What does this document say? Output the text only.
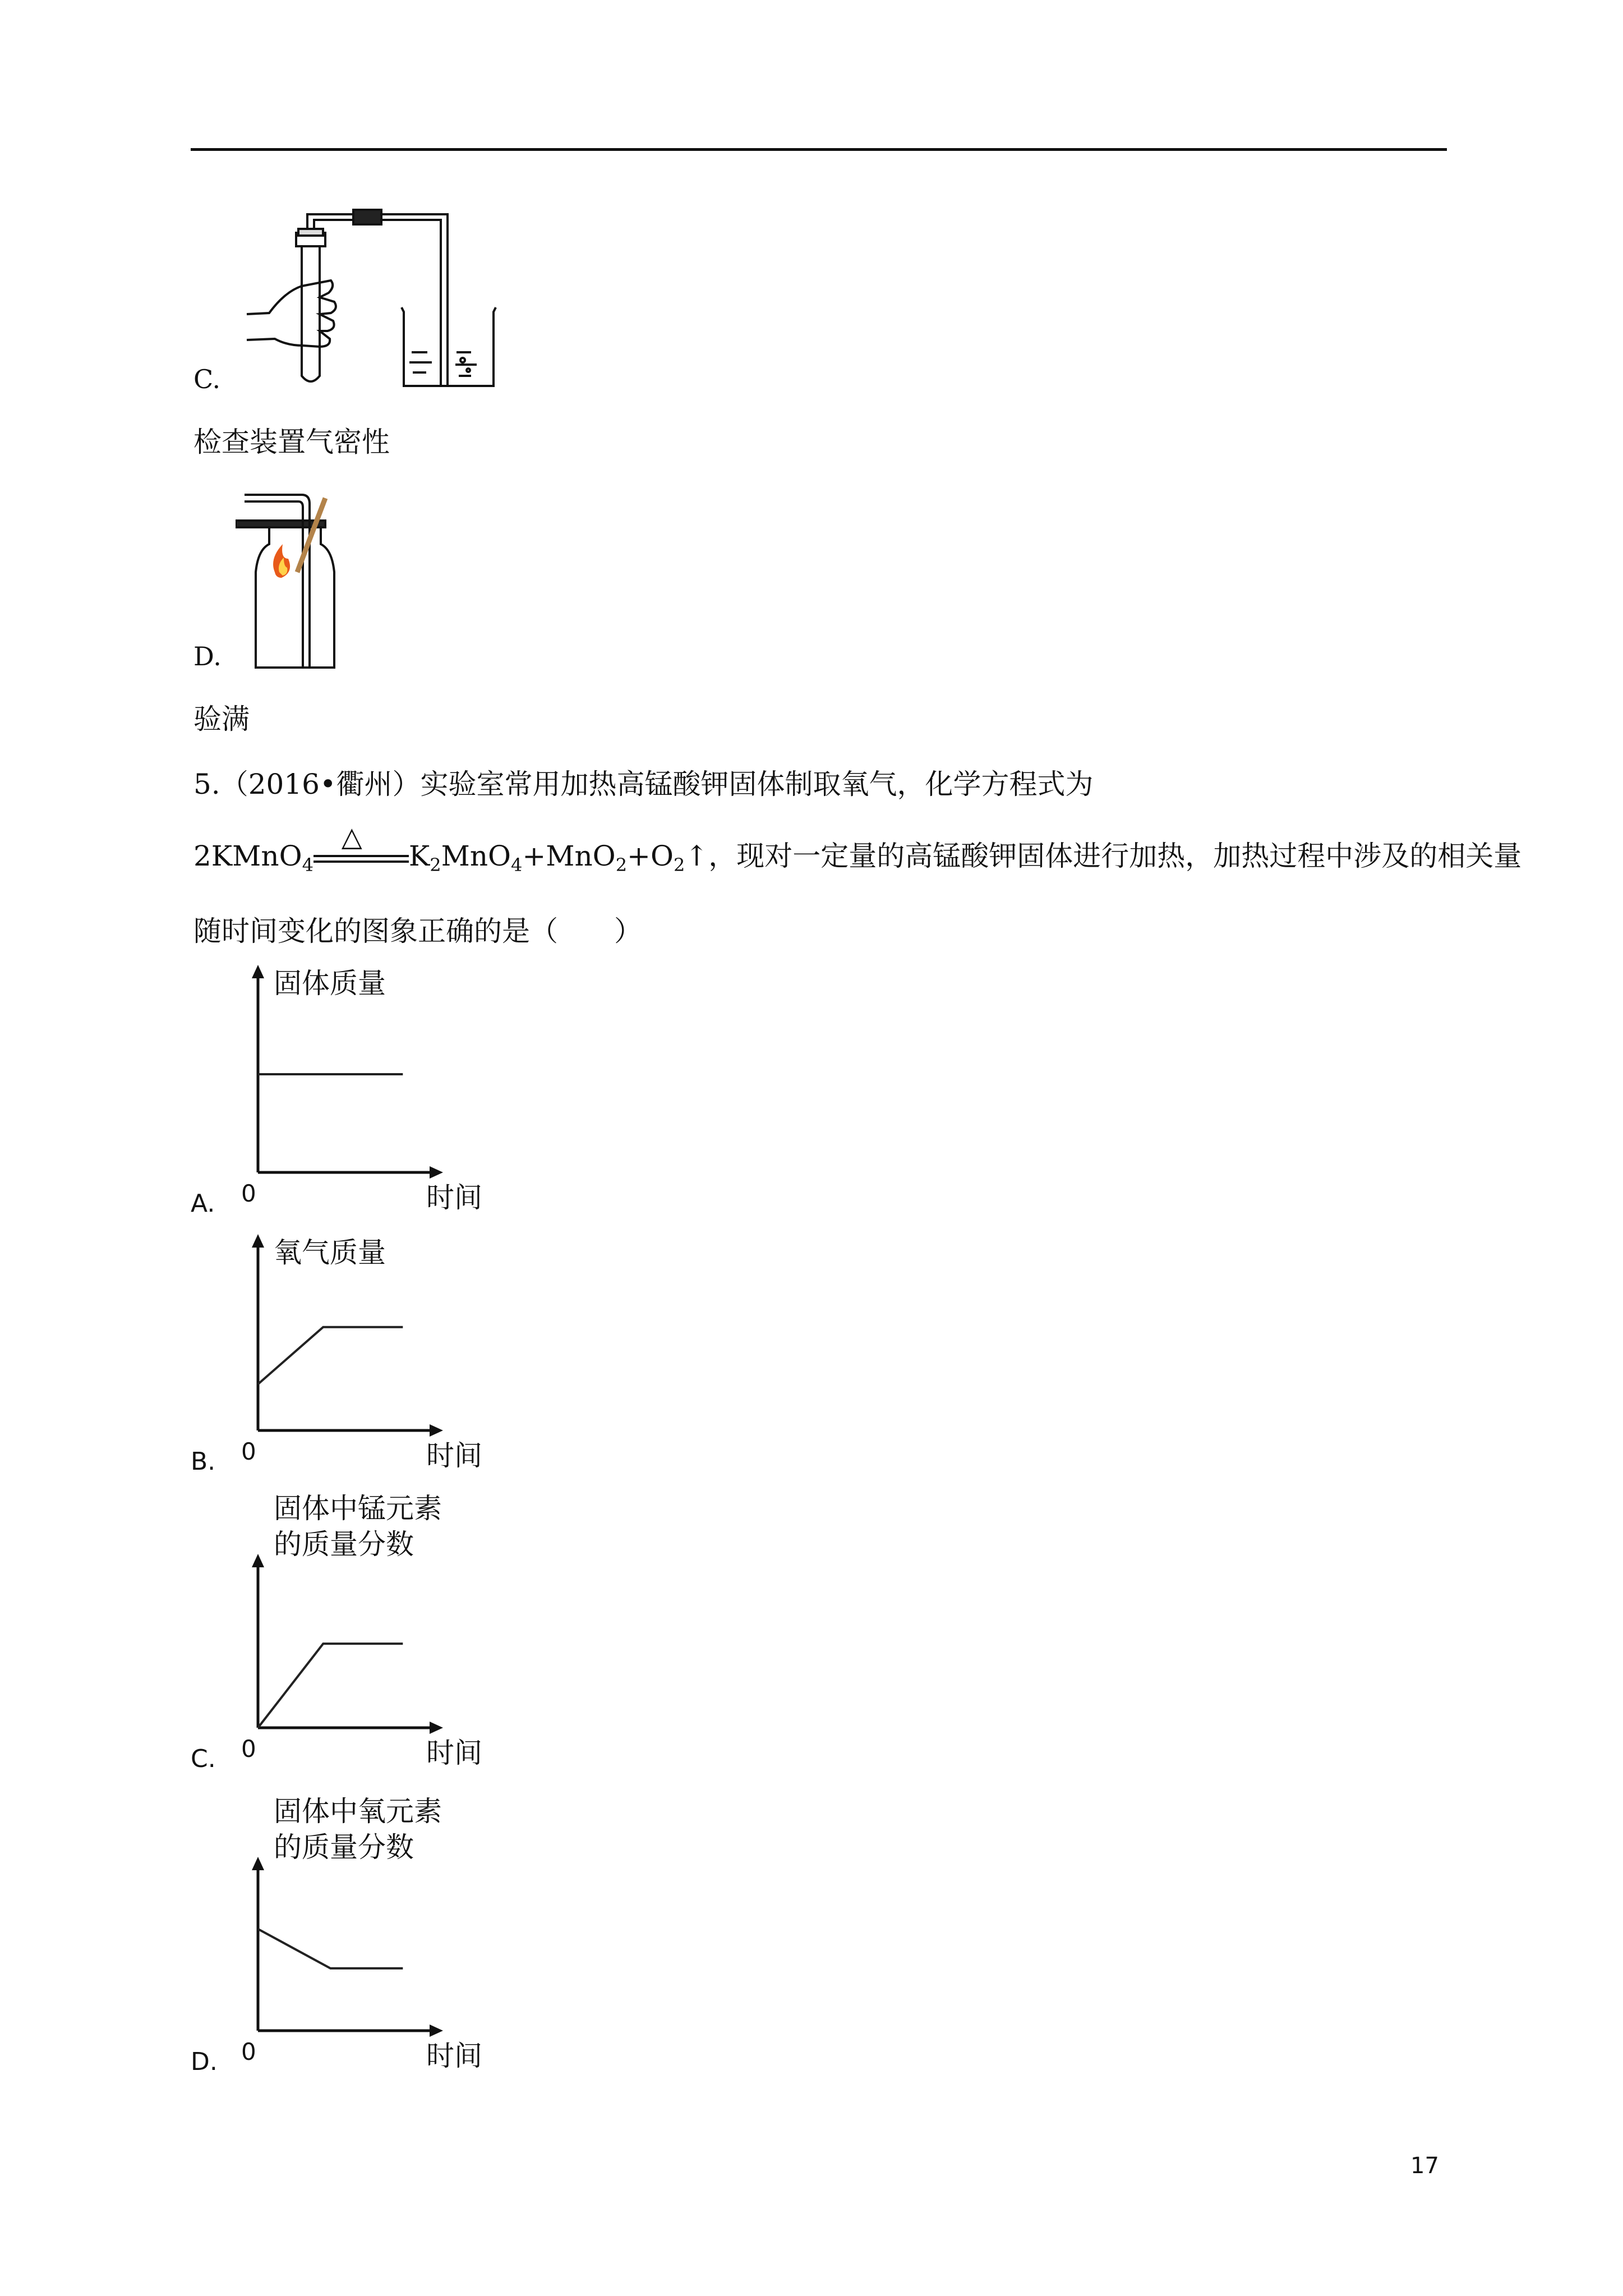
C.
检查装置气密性
D.
验满
5.（2016•衢州）实验室常用加热高锰酸钾固体制取氧气，化学方程式为
2KMnO$_4$
△
$K_2MnO_4+MnO_2+O_2↑$，现对一定量的高锰酸钾固体进行加热，加热过程中涉及的相关量
随时间变化的图象正确的是（　　）
A. 0	时间
固体质量
B. 0	时间
氧气质量
C. 0	时间
固体中锰元素
的质量分数
D. 0	时间
固体中氧元素
的质量分数
17
